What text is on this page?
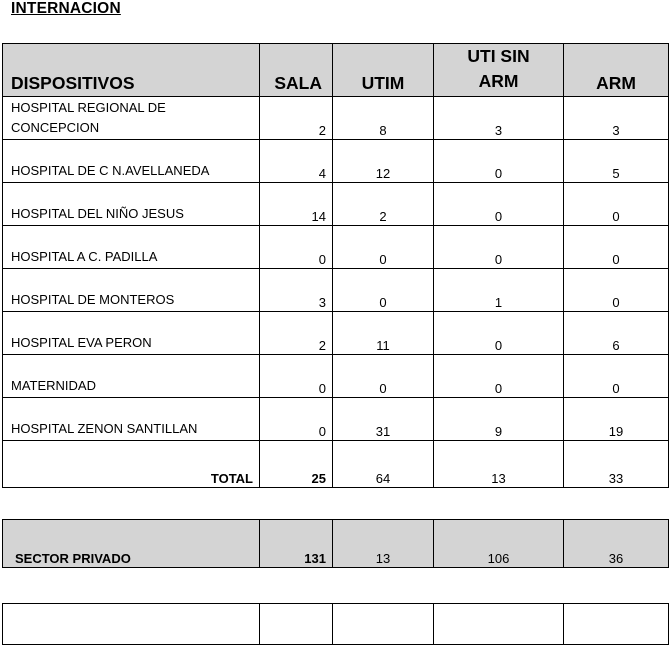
INTERNACION
DISPOSITIVOS	SALA	UTIM	UTI SIN ARM	ARM

HOSPITAL REGIONAL DE
CONCEPCION	2	8	3	3

HOSPITAL DE C N.AVELLANEDA	4	12	0	5

HOSPITAL DEL NIÑO JESUS	14	2	0	0

HOSPITAL A C. PADILLA	0	0	0	0

HOSPITAL DE MONTEROS	3	0	1	0

HOSPITAL EVA PERON	2	11	0	6

MATERNIDAD	0	0	0	0

HOSPITAL ZENON SANTILLAN	0	31	9	19
TOTAL	25	64	13	33
SECTOR PRIVADO	131	13	106	36
